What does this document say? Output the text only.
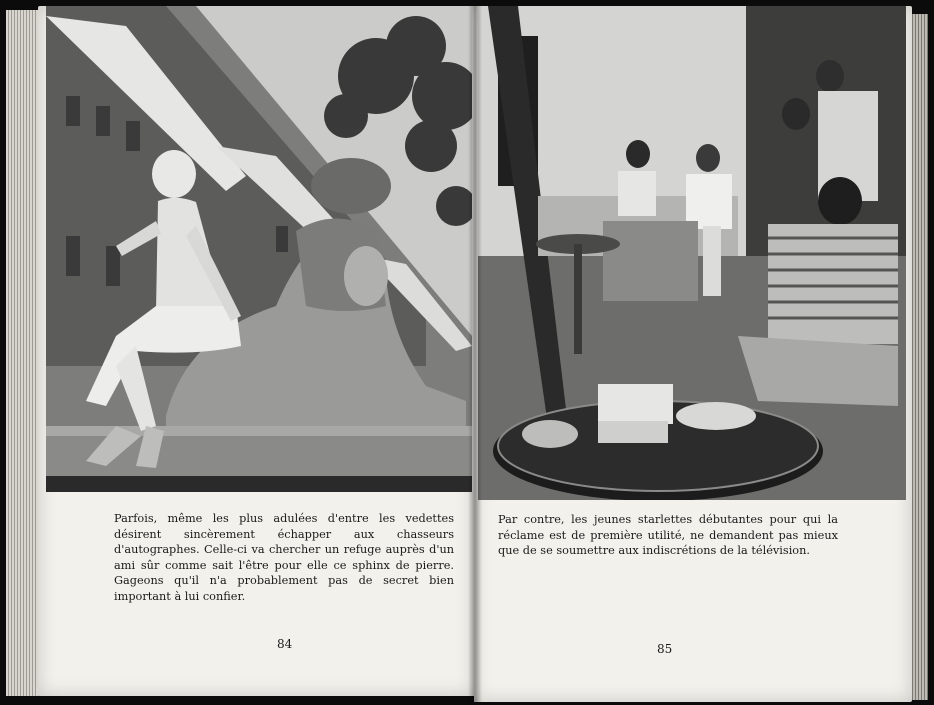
Parfois, même les plus adulées d'entre les vedettes désirent sincèrement échapper aux chasseurs d'autographes. Celle-ci va chercher un refuge auprès d'un ami sûr comme sait l'être pour elle ce sphinx de pierre. Gageons qu'il n'a probablement pas de secret bien important à lui confier.

Par contre, les jeunes starlettes débutantes pour qui la réclame est de première utilité, ne demandent pas mieux que de se soumettre aux indiscrétions de la télévision.

84	85
